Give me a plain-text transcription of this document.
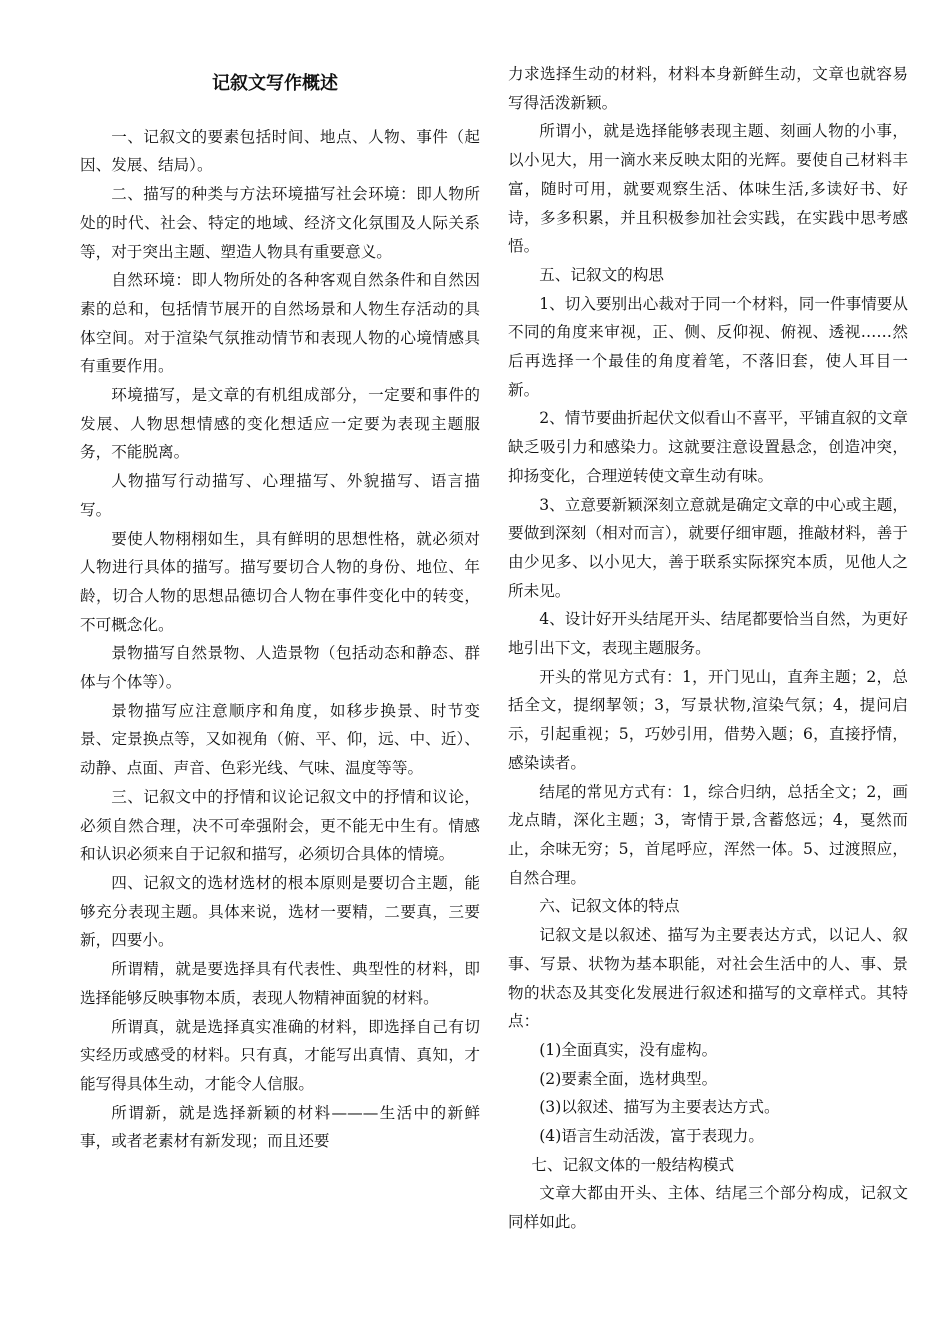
记叙文写作概述

一、记叙文的要素包括时间、地点、人物、事件（起因、发展、结局）。

二、描写的种类与方法环境描写社会环境：即人物所处的时代、社会、特定的地域、经济文化氛围及人际关系等，对于突出主题、塑造人物具有重要意义。

自然环境：即人物所处的各种客观自然条件和自然因素的总和，包括情节展开的自然场景和人物生存活动的具体空间。对于渲染气氛推动情节和表现人物的心境情感具有重要作用。

环境描写，是文章的有机组成部分，一定要和事件的发展、人物思想情感的变化想适应一定要为表现主题服务，不能脱离。

人物描写行动描写、心理描写、外貌描写、语言描写。

要使人物栩栩如生，具有鲜明的思想性格，就必须对人物进行具体的描写。描写要切合人物的身份、地位、年龄，切合人物的思想品德切合人物在事件变化中的转变，不可概念化。

景物描写自然景物、人造景物（包括动态和静态、群体与个体等）。

景物描写应注意顺序和角度，如移步换景、时节变景、定景换点等，又如视角（俯、平、仰，远、中、近）、动静、点面、声音、色彩光线、气味、温度等等。

三、记叙文中的抒情和议论记叙文中的抒情和议论，必须自然合理，决不可牵强附会，更不能无中生有。情感和认识必须来自于记叙和描写，必须切合具体的情境。

四、记叙文的选材选材的根本原则是要切合主题，能够充分表现主题。具体来说，选材一要精，二要真，三要新，四要小。

所谓精，就是要选择具有代表性、典型性的材料，即选择能够反映事物本质，表现人物精神面貌的材料。

所谓真，就是选择真实准确的材料，即选择自己有切实经历或感受的材料。只有真，才能写出真情、真知，才能写得具体生动，才能令人信服。

所谓新，就是选择新颖的材料———生活中的新鲜事，或者老素材有新发现；而且还要

力求选择生动的材料，材料本身新鲜生动，文章也就容易写得活泼新颖。

所谓小，就是选择能够表现主题、刻画人物的小事，以小见大，用一滴水来反映太阳的光辉。要使自己材料丰富，随时可用，就要观察生活、体味生活,多读好书、好诗，多多积累，并且积极参加社会实践，在实践中思考感悟。

五、记叙文的构思

1、切入要别出心裁对于同一个材料，同一件事情要从不同的角度来审视，正、侧、反仰视、俯视、透视……然后再选择一个最佳的角度着笔，不落旧套，使人耳目一新。

2、情节要曲折起伏文似看山不喜平，平铺直叙的文章缺乏吸引力和感染力。这就要注意设置悬念，创造冲突，抑扬变化，合理逆转使文章生动有味。

3、立意要新颖深刻立意就是确定文章的中心或主题，要做到深刻（相对而言），就要仔细审题，推敲材料，善于由少见多、以小见大，善于联系实际探究本质，见他人之所未见。

4、设计好开头结尾开头、结尾都要恰当自然，为更好地引出下文，表现主题服务。

开头的常见方式有：1，开门见山，直奔主题；2，总括全文，提纲挈领；3，写景状物,渲染气氛；4，提问启示，引起重视；5，巧妙引用，借势入题；6，直接抒情，感染读者。

结尾的常见方式有：1，综合归纳，总括全文；2，画龙点睛，深化主题；3，寄情于景,含蓄悠远；4，戛然而止，余味无穷；5，首尾呼应，浑然一体。5、过渡照应，自然合理。

六、记叙文体的特点

记叙文是以叙述、描写为主要表达方式，以记人、叙事、写景、状物为基本职能，对社会生活中的人、事、景物的状态及其变化发展进行叙述和描写的文章样式。其特点：

(1)全面真实，没有虚构。

(2)要素全面，选材典型。

(3)以叙述、描写为主要表达方式。

(4)语言生动活泼，富于表现力。

七、记叙文体的一般结构模式

文章大都由开头、主体、结尾三个部分构成，记叙文同样如此。
